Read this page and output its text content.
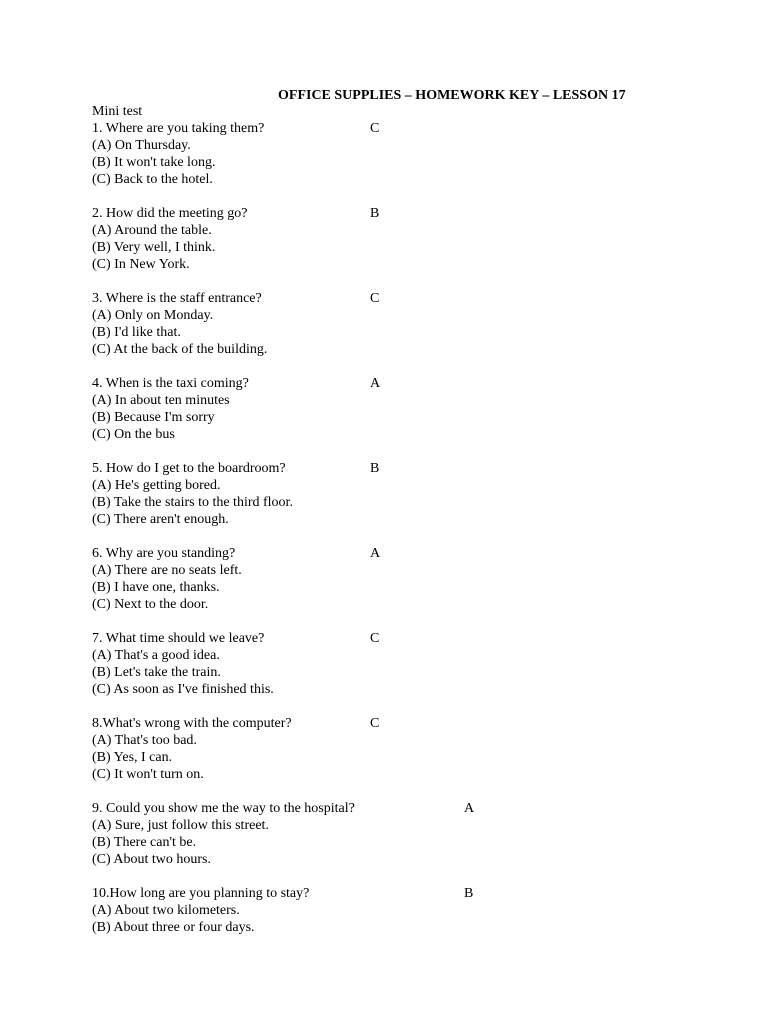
OFFICE SUPPLIES – HOMEWORK KEY – LESSON 17
Mini test
1. Where are you taking them?	C
(A) On Thursday.
(B) It won't take long.
(C) Back to the hotel.
2. How did the meeting go?	B
(A) Around the table.
(B) Very well, I think.
(C) In New York.
3. Where is the staff entrance?	C
(A) Only on Monday.
(B) I'd like that.
(C) At the back of the building.
4. When is the taxi coming?	A
(A) In about ten minutes
(B) Because I'm sorry
(C) On the bus
5. How do I get to the boardroom?	B
(A) He's getting bored.
(B) Take the stairs to the third floor.
(C) There aren't enough.
6. Why are you standing?	A
(A) There are no seats left.
(B) I have one, thanks.
(C) Next to the door.
7. What time should we leave?	C
(A) That's a good idea.
(B) Let's take the train.
(C) As soon as I've finished this.
8.What's wrong with the computer?	C
(A) That's too bad.
(B) Yes, I can.
(C) It won't turn on.
9. Could you show me the way to the hospital?	A
(A) Sure, just follow this street.
(B) There can't be.
(C) About two hours.
10.How long are you planning to stay?	B
(A) About two kilometers.
(B) About three or four days.
